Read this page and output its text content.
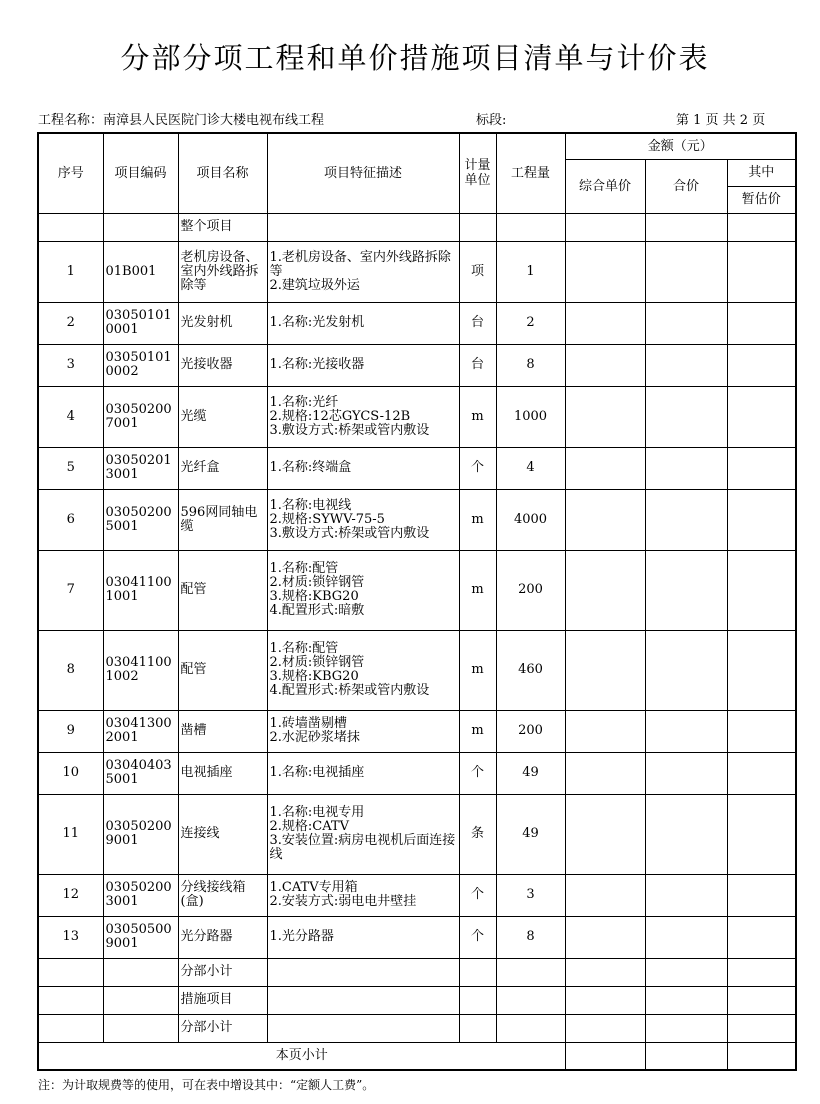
分部分项工程和单价措施项目清单与计价表
工程名称：南漳县人民医院门诊大楼电视布线工程	标段:	第 1 页 共 2 页
序号	项目编码	项目名称	项目特征描述	计量单位	工程量	金额（元）		
						综合单价	合价	其中
								暂估价
		整个项目						
1	01B001	老机房设备、室内外线路拆除等	1.老机房设备、室内外线路拆除等
2.建筑垃圾外运	项	1			
2	030501010001	光发射机	1.名称:光发射机	台	2			
3	030501010002	光接收器	1.名称:光接收器	台	8			
4	030502007001	光缆	1.名称:光纤
2.规格:12芯GYCS-12B
3.敷设方式:桥架或管内敷设	m	1000			
5	030502013001	光纤盒	1.名称:终端盒	个	4			
6	030502005001	596网同轴电缆	1.名称:电视线
2.规格:SYWV-75-5
3.敷设方式:桥架或管内敷设	m	4000			
7	030411001001	配管	1.名称:配管
2.材质:锁锌钢管
3.规格:KBG20
4.配置形式:暗敷	m	200			
8	030411001002	配管	1.名称:配管
2.材质:锁锌钢管
3.规格:KBG20
4.配置形式:桥架或管内敷设	m	460			
9	030413002001	凿槽	1.砖墙凿剔槽
2.水泥砂浆堵抹	m	200			
10	030404035001	电视插座	1.名称:电视插座	个	49			
11	030502009001	连接线	1.名称:电视专用
2.规格:CATV
3.安装位置:病房电视机后面连接线	条	49			
12	030502003001	分线接线箱(盒)	1.CATV专用箱
2.安装方式:弱电电井壁挂	个	3			
13	030505009001	光分路器	1.光分路器	个	8			
		分部小计						
		措施项目						
		分部小计						
本页小计								
注：为计取规费等的使用，可在表中增设其中：“定额人工费”。
